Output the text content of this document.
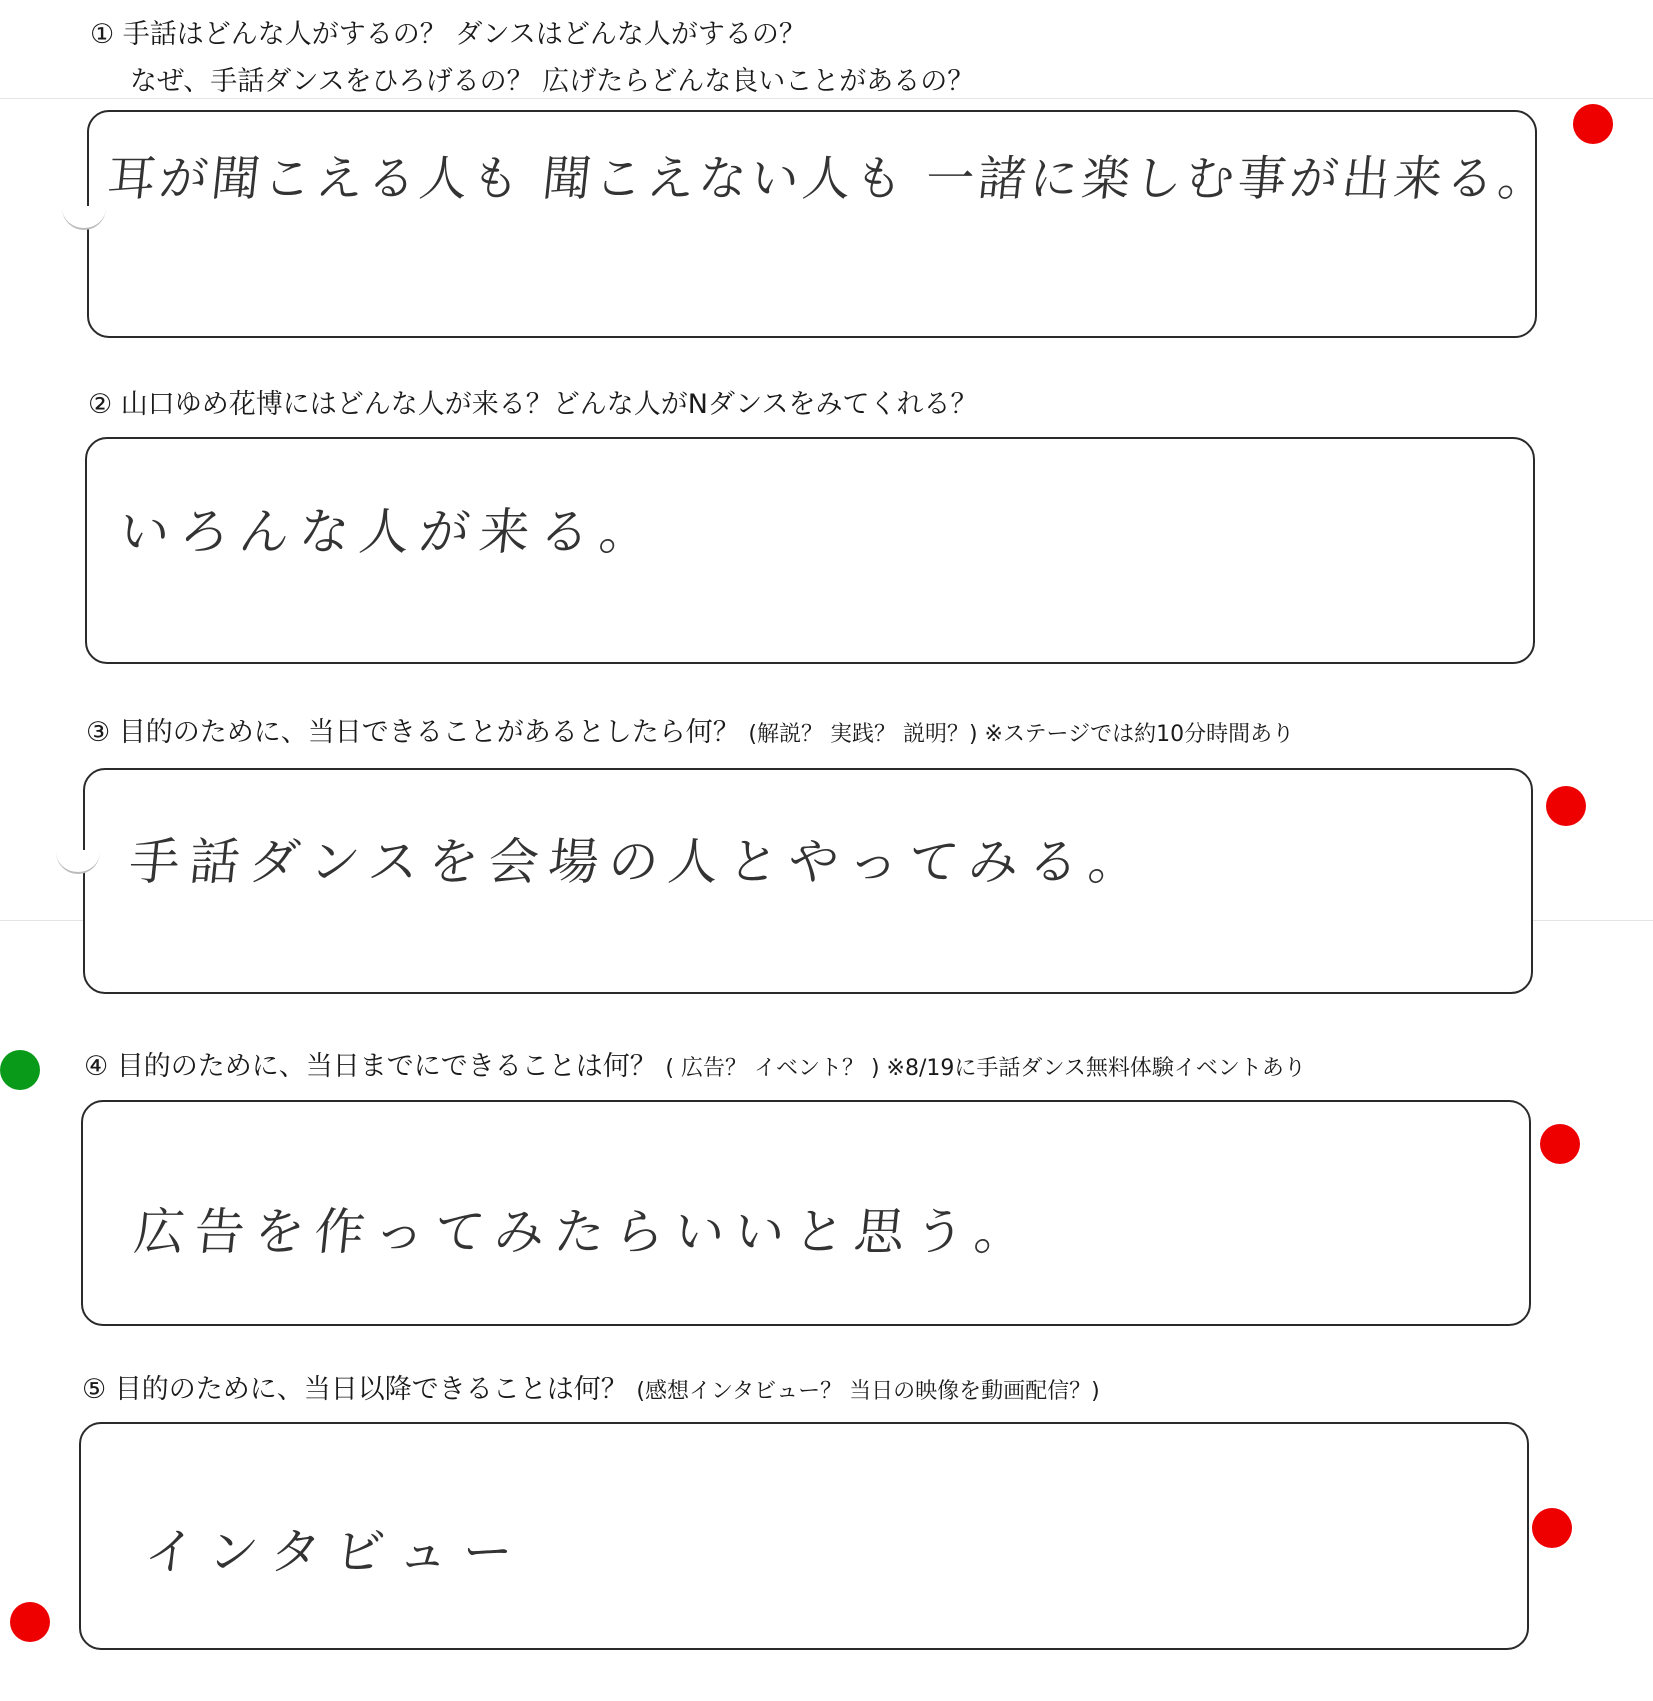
① 手話はどんな人がするの？ ダンスはどんな人がするの？
なぜ、手話ダンスをひろげるの？ 広げたらどんな良いことがあるの？
耳が聞こえる人も 聞こえない人も 一諸に楽しむ事が出来る。
② 山口ゆめ花博にはどんな人が来る？どんな人がNダンスをみてくれる？
いろんな人が来る。
③ 目的のために、当日できることがあるとしたら何？ (解説？ 実践？ 説明？) ※ステージでは約10分時間あり
手話ダンスを会場の人とやってみる。
④ 目的のために、当日までにできることは何？ ( 広告？ イベント？ ) ※8/19に手話ダンス無料体験イベントあり
広告を作ってみたらいいと思う。
⑤ 目的のために、当日以降できることは何？ (感想インタビュー？ 当日の映像を動画配信？)
インタビュー
